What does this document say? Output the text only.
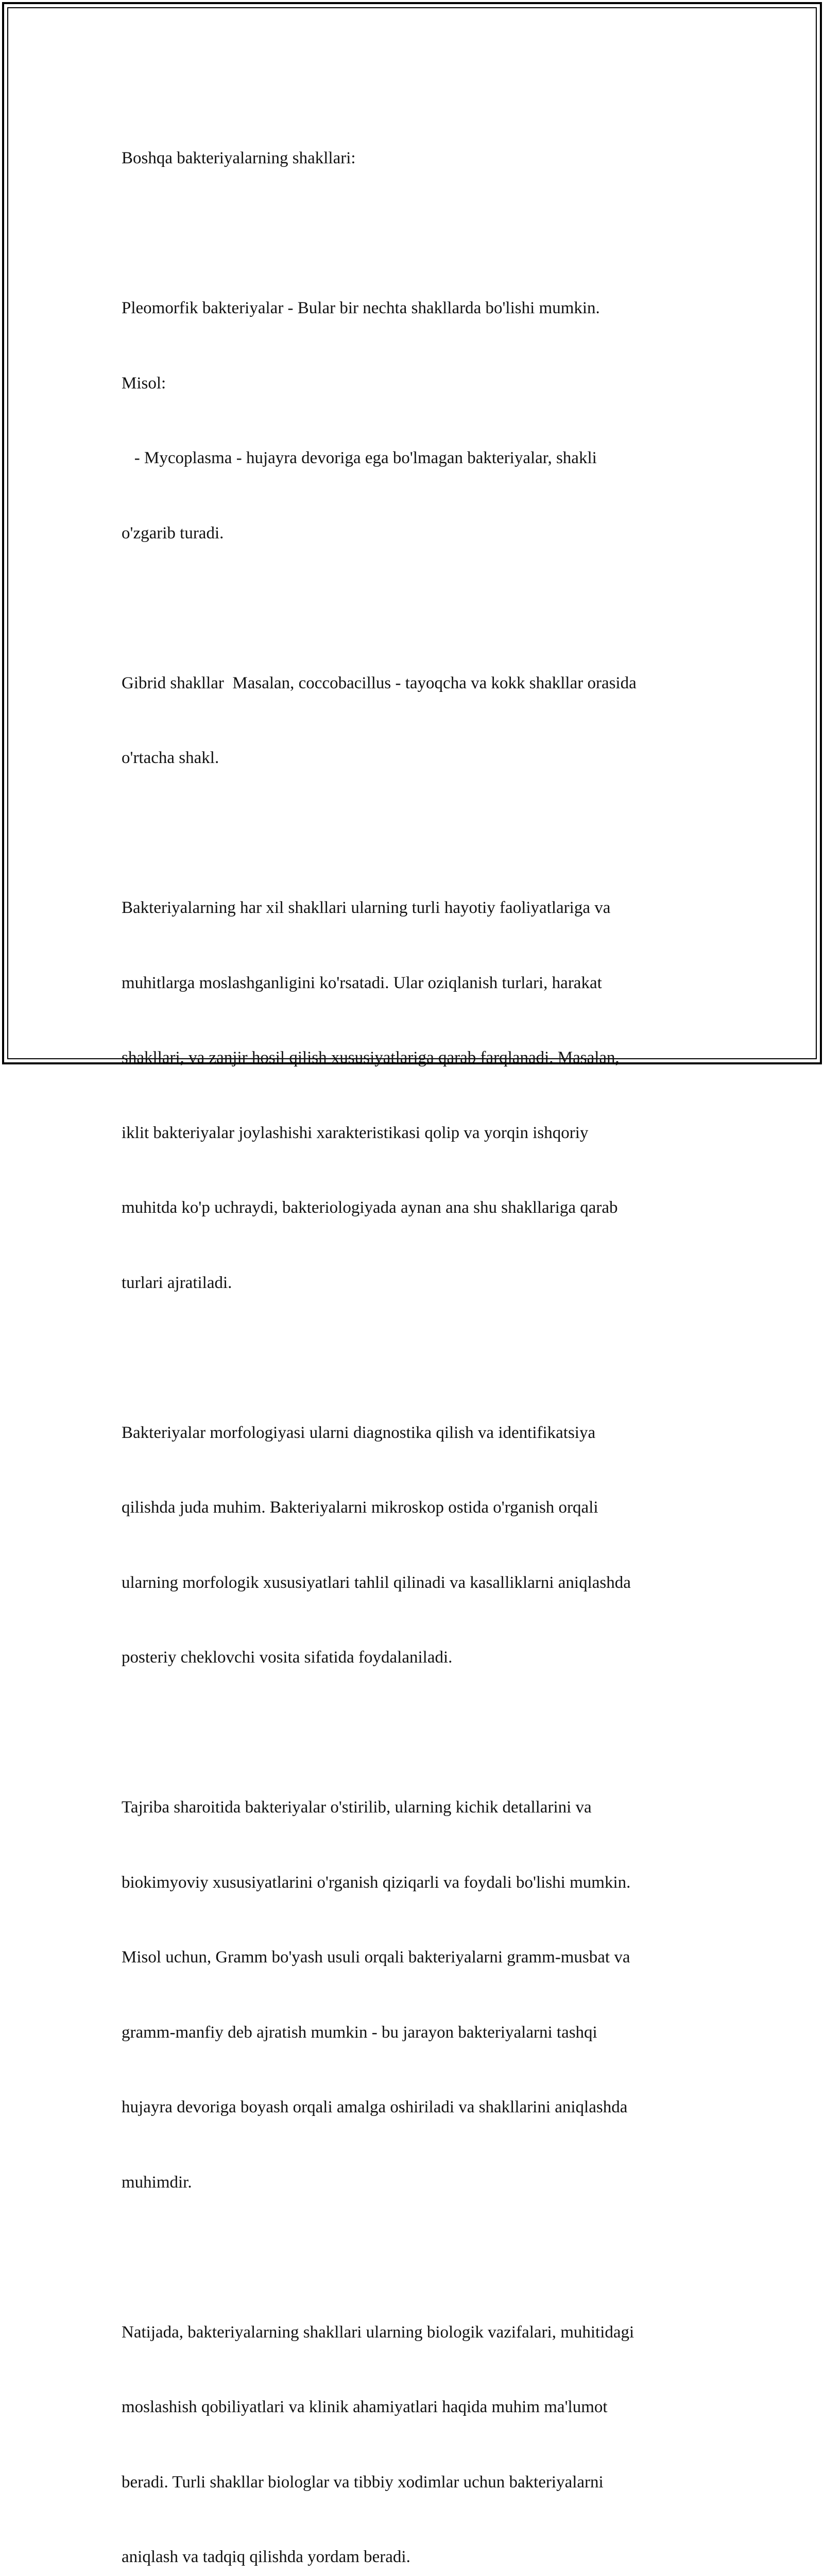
Boshqa bakteriyalarning shakllari:

Pleomorfik bakteriyalar - Bular bir nechta shakllarda bo'lishi mumkin.

Misol:

- Mycoplasma - hujayra devoriga ega bo'lmagan bakteriyalar, shakli

o'zgarib turadi.

Gibrid shakllar  Masalan, coccobacillus - tayoqcha va kokk shakllar orasida

o'rtacha shakl.

Bakteriyalarning har xil shakllari ularning turli hayotiy faoliyatlariga va

muhitlarga moslashganligini ko'rsatadi. Ular oziqlanish turlari, harakat

shakllari, va zanjir hosil qilish xususiyatlariga qarab farqlanadi. Masalan,

iklit bakteriyalar joylashishi xarakteristikasi qolip va yorqin ishqoriy

muhitda ko'p uchraydi, bakteriologiyada aynan ana shu shakllariga qarab

turlari ajratiladi.

Bakteriyalar morfologiyasi ularni diagnostika qilish va identifikatsiya

qilishda juda muhim. Bakteriyalarni mikroskop ostida o'rganish orqali

ularning morfologik xususiyatlari tahlil qilinadi va kasalliklarni aniqlashda

posteriy cheklovchi vosita sifatida foydalaniladi.

Tajriba sharoitida bakteriyalar o'stirilib, ularning kichik detallarini va

biokimyoviy xususiyatlarini o'rganish qiziqarli va foydali bo'lishi mumkin.

Misol uchun, Gramm bo'yash usuli orqali bakteriyalarni gramm-musbat va

gramm-manfiy deb ajratish mumkin - bu jarayon bakteriyalarni tashqi

hujayra devoriga boyash orqali amalga oshiriladi va shakllarini aniqlashda

muhimdir.

Natijada, bakteriyalarning shakllari ularning biologik vazifalari, muhitidagi

moslashish qobiliyatlari va klinik ahamiyatlari haqida muhim ma'lumot

beradi. Turli shakllar biologlar va tibbiy xodimlar uchun bakteriyalarni

aniqlash va tadqiq qilishda yordam beradi.
